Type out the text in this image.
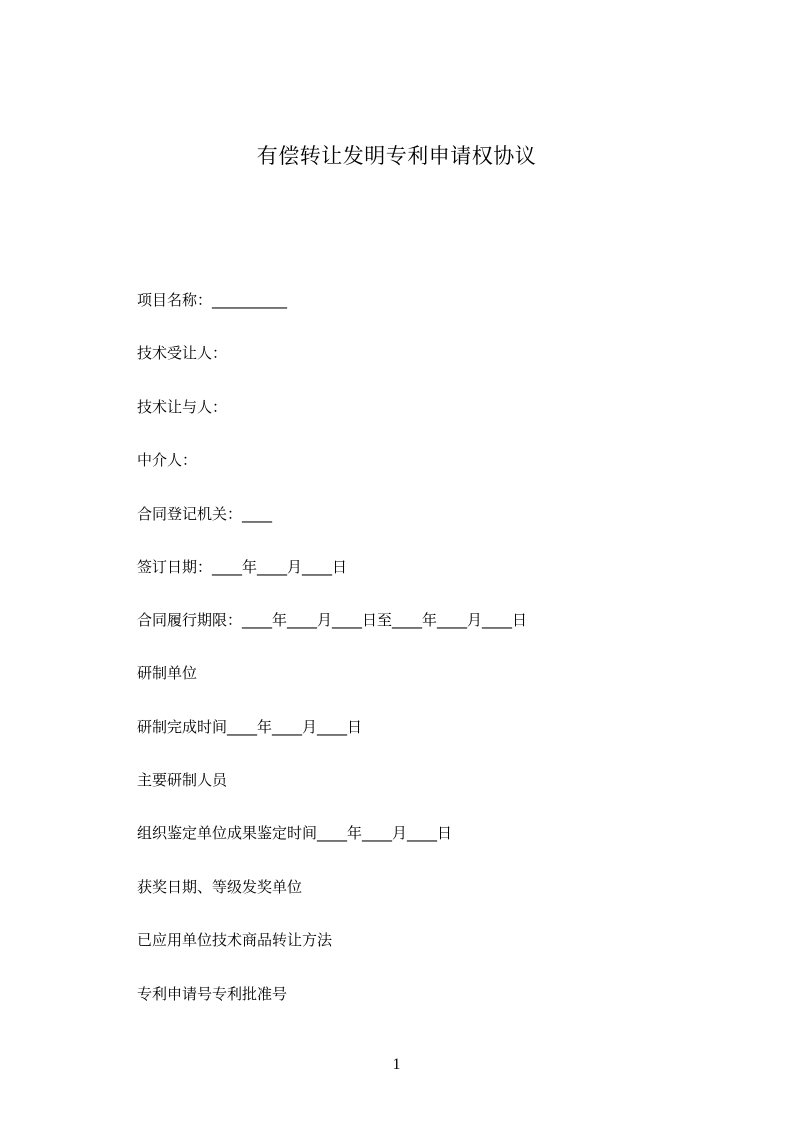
有偿转让发明专利申请权协议
项目名称：__________
技术受让人：
技术让与人：
中介人：
合同登记机关：____
签订日期：____年____月____日
合同履行期限：____年____月____日至____年____月____日
研制单位
研制完成时间____年____月____日
主要研制人员
组织鉴定单位成果鉴定时间____年____月____日
获奖日期、等级发奖单位
已应用单位技术商品转让方法
专利申请号专利批准号
1
